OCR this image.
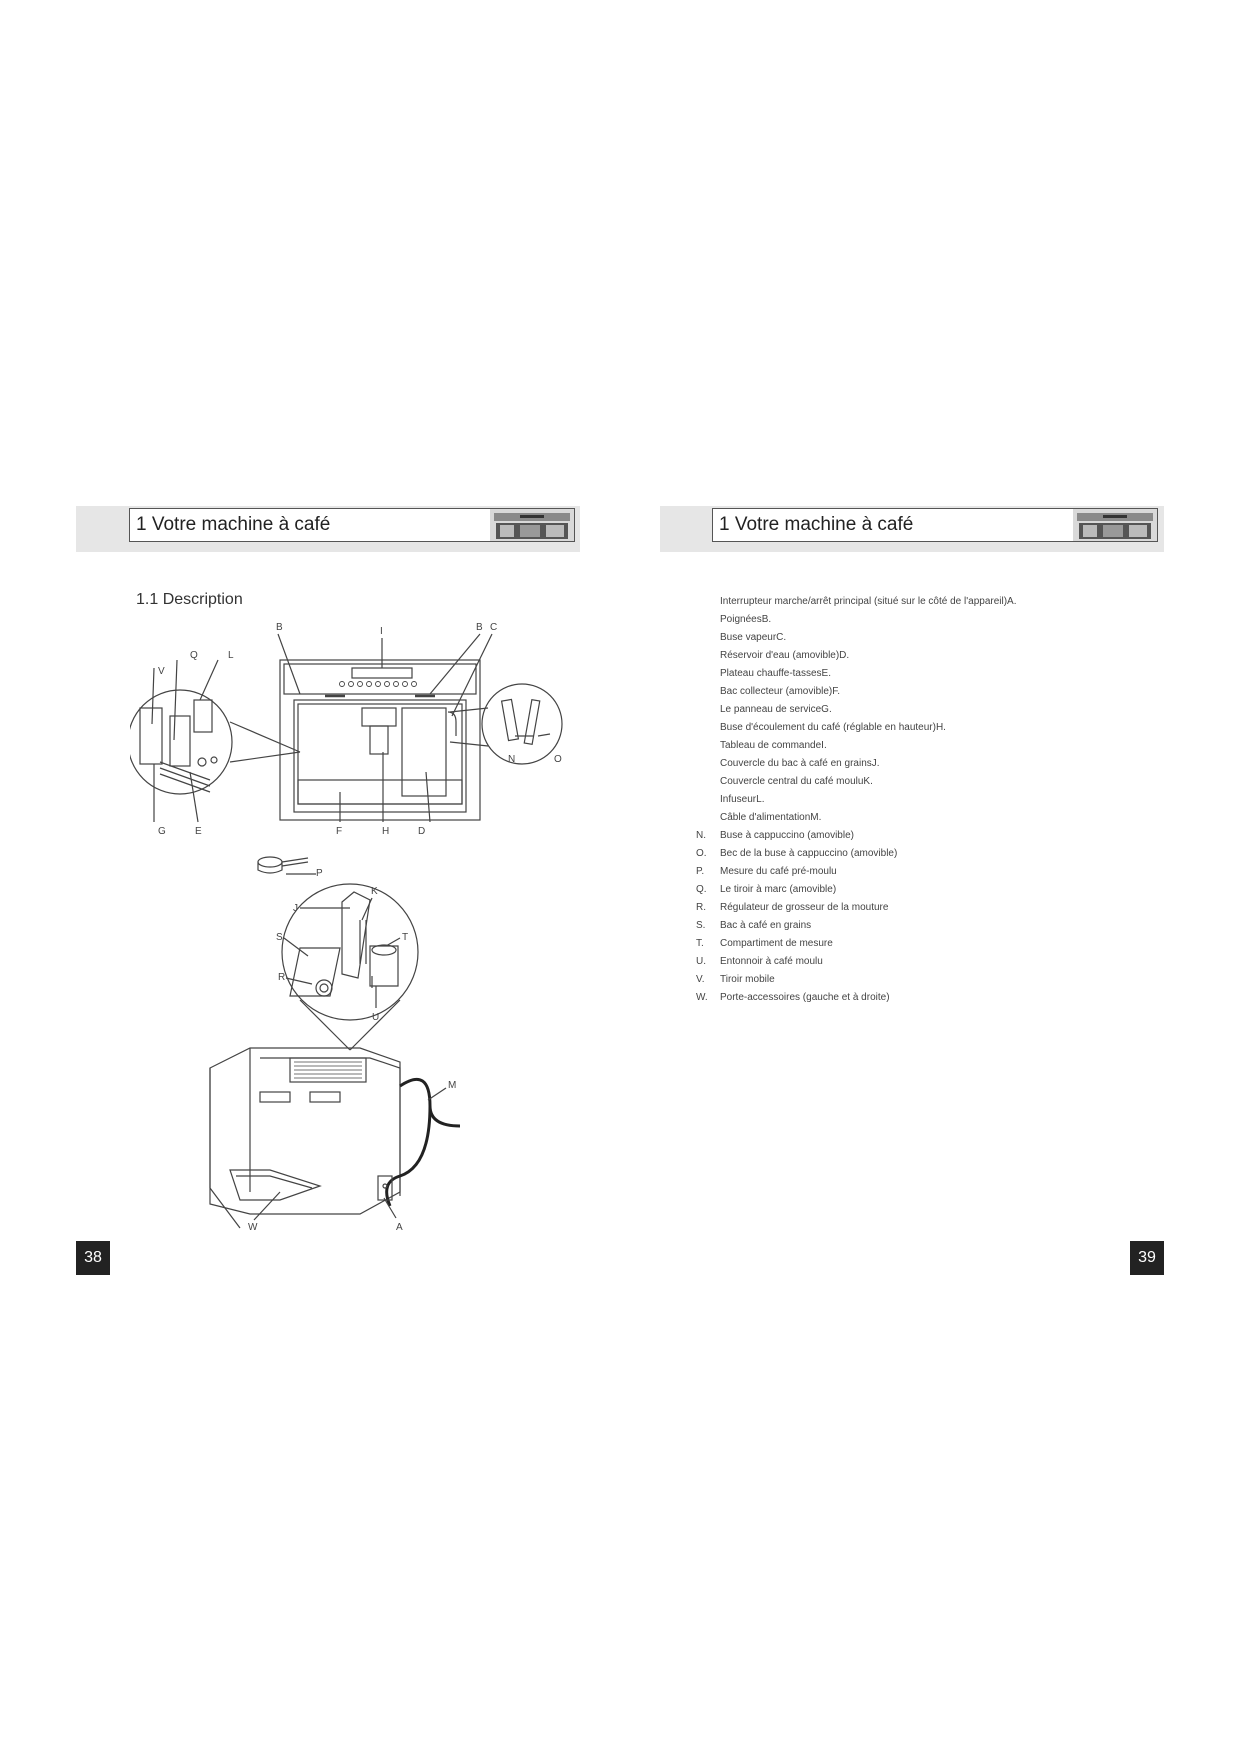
1 Votre machine à café
1.1 Description
B	I	B C
Q	L
V
G	E	F	H	D
N	O
P
J
K
S	T
R
U
M
W	A
38
1 Votre machine à café
39
Interrupteur marche/arrêt principal (situé sur le côté de l'appareil)A.
PoignéesB.
Buse vapeurC.
Réservoir d'eau (amovible)D.
Plateau chauffe-tassesE.
Bac collecteur (amovible)F.
Le panneau de serviceG.
Buse d'écoulement du café (réglable en hauteur)H.
Tableau de commandeI.
Couvercle du bac à café en grainsJ.
Couvercle central du café mouluK.
InfuseurL.
Câble d'alimentationM.
N.	Buse à cappuccino (amovible)
O.	Bec de la buse à cappuccino (amovible)
P.	Mesure du café pré-moulu
Q.	Le tiroir à marc (amovible)
R.	Régulateur de grosseur de la mouture
S.	Bac à café en grains
T.	Compartiment de mesure
U.	Entonnoir à café moulu
V.	Tiroir mobile
W.	Porte-accessoires (gauche et à droite)
